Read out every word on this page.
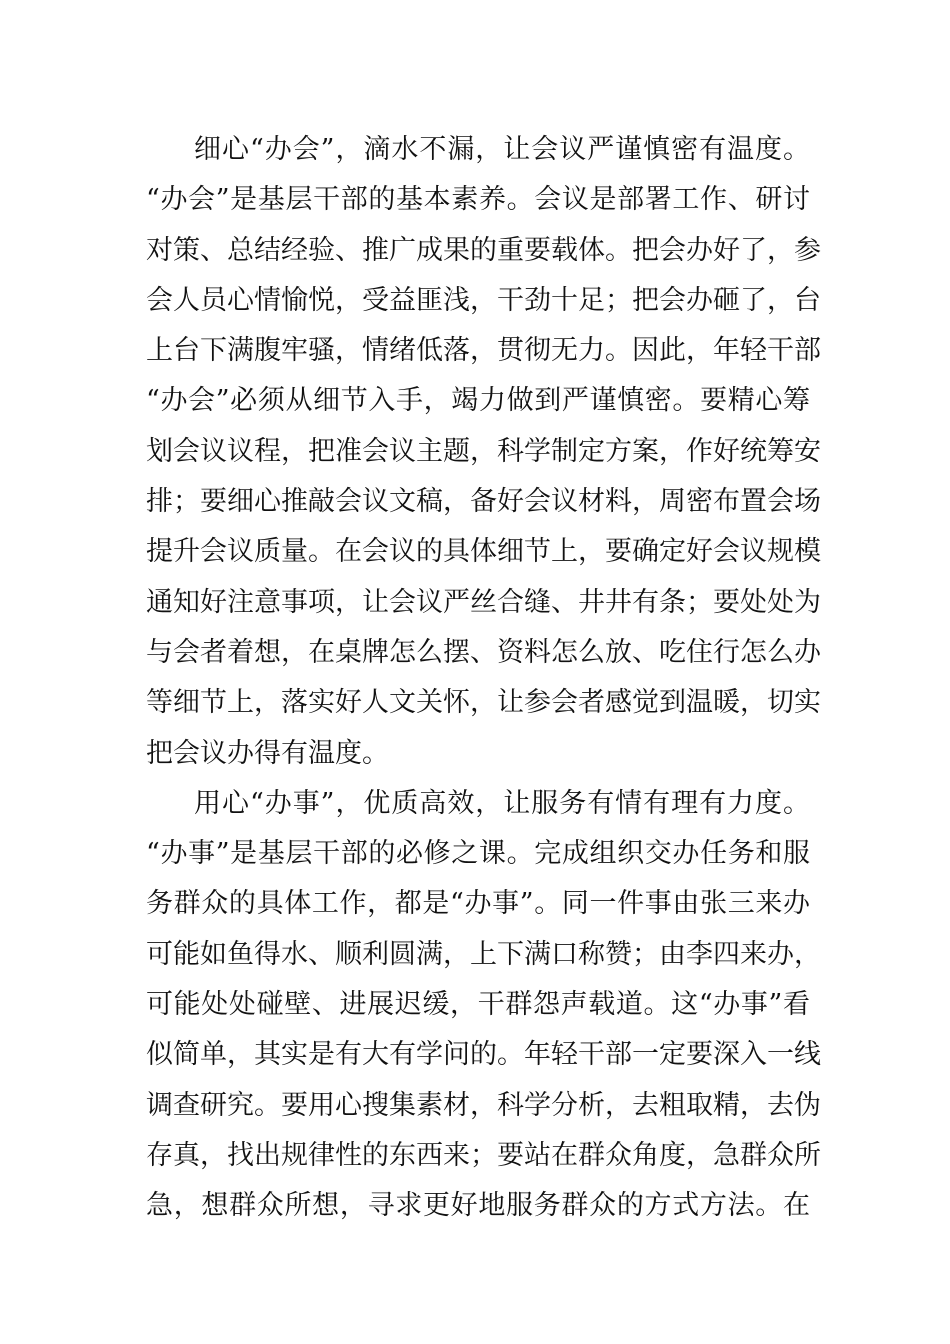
细心“办会”，滴水不漏，让会议严谨慎密有温度。
“办会”是基层干部的基本素养。会议是部署工作、研讨
对策、总结经验、推广成果的重要载体。把会办好了，参
会人员心情愉悦，受益匪浅，干劲十足；把会办砸了，台
上台下满腹牢骚，情绪低落，贯彻无力。因此，年轻干部
“办会”必须从细节入手，竭力做到严谨慎密。要精心筹
划会议议程，把准会议主题，科学制定方案，作好统筹安
排；要细心推敲会议文稿，备好会议材料，周密布置会场
提升会议质量。在会议的具体细节上，要确定好会议规模
通知好注意事项，让会议严丝合缝、井井有条；要处处为
与会者着想，在桌牌怎么摆、资料怎么放、吃住行怎么办
等细节上，落实好人文关怀，让参会者感觉到温暖，切实
把会议办得有温度。
用心“办事”，优质高效，让服务有情有理有力度。
“办事”是基层干部的必修之课。完成组织交办任务和服
务群众的具体工作，都是“办事”。同一件事由张三来办
可能如鱼得水、顺利圆满，上下满口称赞；由李四来办，
可能处处碰壁、进展迟缓，干群怨声载道。这“办事”看
似简单，其实是有大有学问的。年轻干部一定要深入一线
调查研究。要用心搜集素材，科学分析，去粗取精，去伪
存真，找出规律性的东西来；要站在群众角度，急群众所
急，想群众所想，寻求更好地服务群众的方式方法。在
